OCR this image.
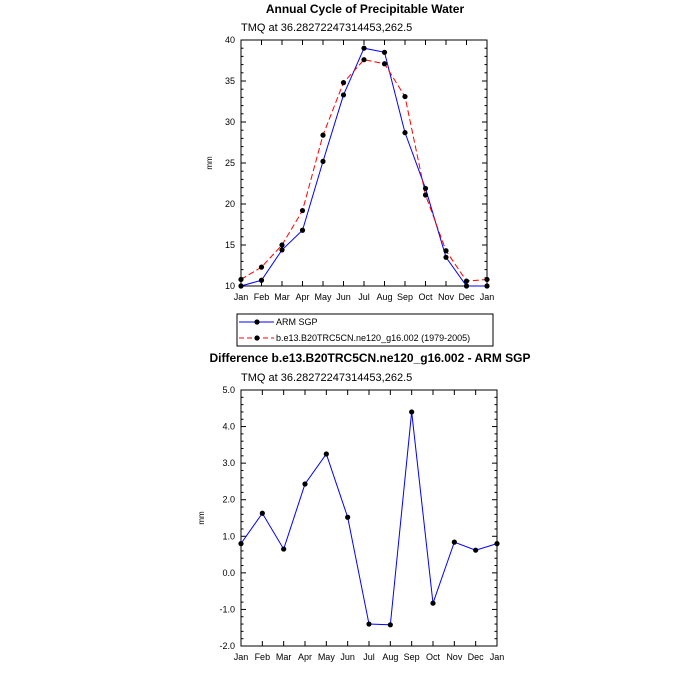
Annual Cycle of Precipitable Water
TMQ at 36.28272247314453,262.5
mm
Jan Feb Mar Apr May Jun Jul Aug Sep Oct Nov Dec Jan
10
15
20
25
30
35
40
ARM SGP
b.e13.B20TRC5CN.ne120_g16.002 (1979-2005)
Difference b.e13.B20TRC5CN.ne120_g16.002 - ARM SGP
TMQ at 36.28272247314453,262.5
mm
Jan Feb Mar Apr May Jun Jul Aug Sep Oct Nov Dec Jan
-2.0
-1.0
0.0
1.0
2.0
3.0
4.0
5.0
